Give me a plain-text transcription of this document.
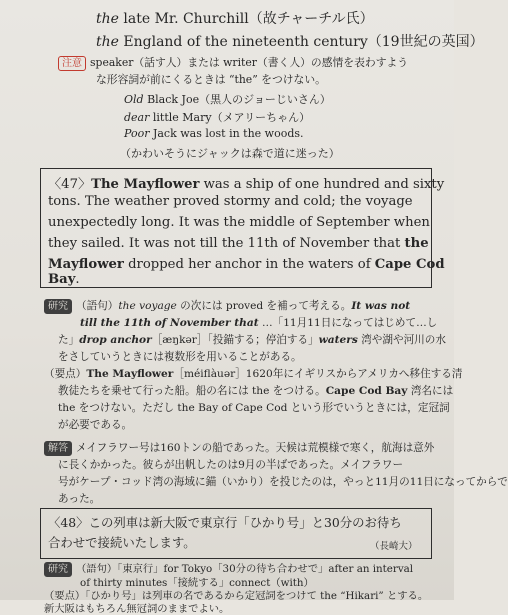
the late Mr. Churchill（故チャーチル氏）
the England of the nineteenth century（19世紀の英国）
注意 speaker（話す人）または writer（書く人）の感情を表わすよう
な形容詞が前にくるときは “the” をつけない。
Old Black Joe（黒人のジョーじいさん）
dear little Mary（メアリーちゃん）
Poor Jack was lost in the woods.
（かわいそうにジャックは森で道に迷った）
〈47〉The Mayflower was a ship of one hundred and sixty
tons. The weather proved stormy and cold; the voyage
unexpectedly long. It was the middle of September when
they sailed. It was not till the 11th of November that the
Mayflower dropped her anchor in the waters of Cape Cod
Bay.
研究 （語句）the voyage の次には proved を補って考える。It was not
till the 11th of November that …「11月11日になってはじめて…し
た」drop anchor［æŋkər］「投錨する；停泊する」waters 湾や湖や河川の水
をさしていうときには複数形を用いることがある。
（要点）The Mayflower［méiflàuər］1620年にイギリスからアメリカへ移住する清
教徒たちを乗せて行った船。船の名には the をつける。Cape Cod Bay 湾名には
the をつけない。ただし the Bay of Cape Cod という形でいうときには，定冠詞
が必要である。
解答 メイフラワー号は160トンの船であった。天候は荒模様で寒く，航海は意外
に長くかかった。彼らが出帆したのは9月の半ばであった。メイフラワー
号がケープ・コッド湾の海域に錨（いかり）を投じたのは，やっと11月の11日になってからで
あった。
〈48〉この列車は新大阪で東京行「ひかり号」と30分のお待ち
合わせで接続いたします。	（長崎大）
研究 （語句）「東京行」for Tokyo「30分の待ち合わせで」after an interval
of thirty minutes「接続する」connect（with）
（要点）「ひかり号」は列車の名であるから定冠詞をつけて the “Hikari” とする。
新大阪はもちろん無冠詞のままでよい。
